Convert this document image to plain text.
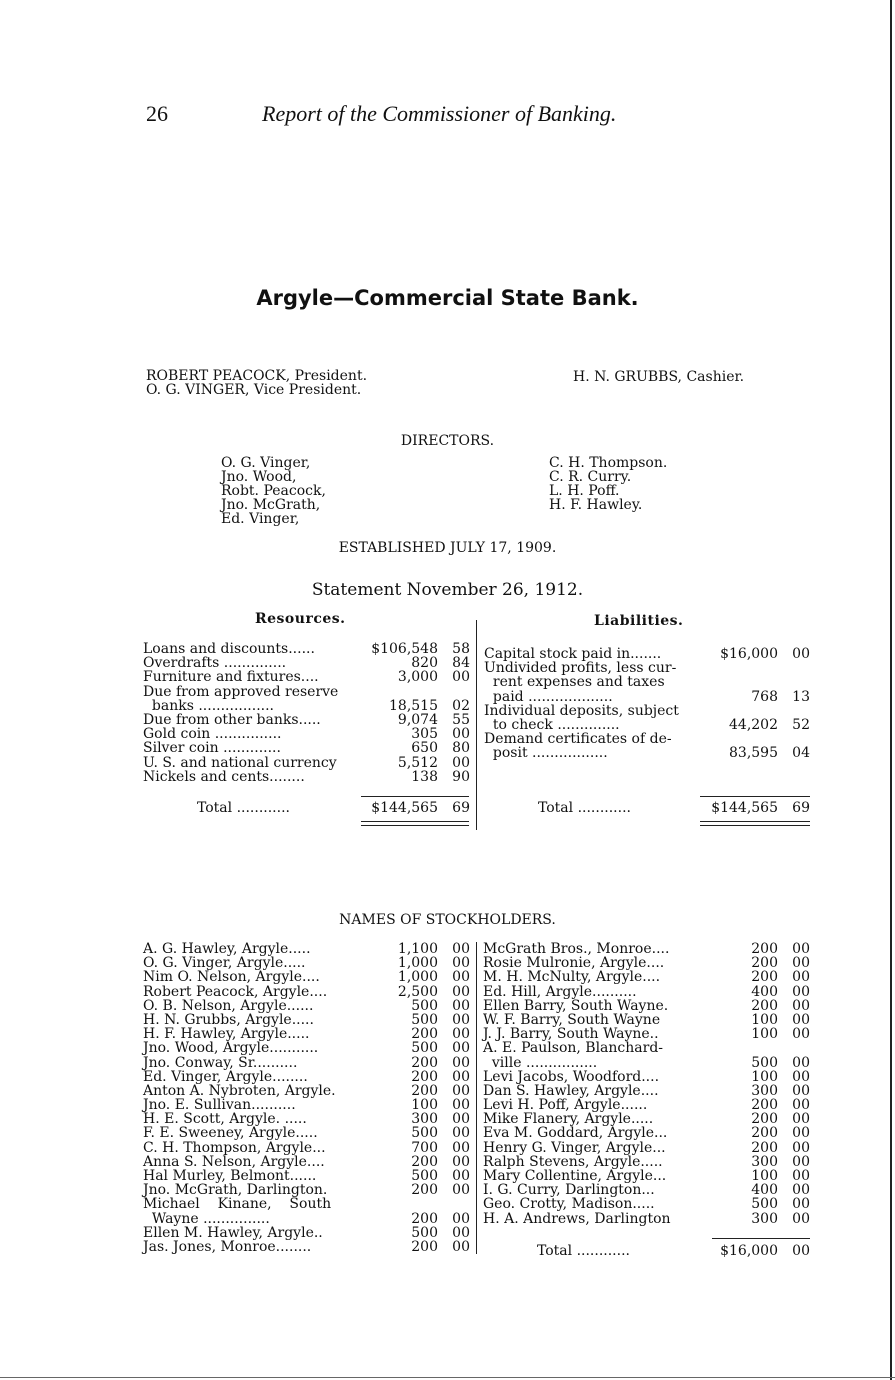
26	Report of the Commissioner of Banking.
Argyle—Commercial State Bank.
ROBERT PEACOCK, President.
O. G. VINGER, Vice President.
H. N. GRUBBS, Cashier.
DIRECTORS.
O. G. Vinger,
Jno. Wood,
Robt. Peacock,
Jno. McGrath,
Ed. Vinger,
C. H. Thompson.
C. R. Curry.
L. H. Poff.
H. F. Hawley.
ESTABLISHED JULY 17, 1909.
Statement November 26, 1912.
Resources.
Loans and discounts......	$106,548	58
Overdrafts ..............	820	84
Furniture and fixtures....	3,000	00
Due from approved reserve
banks .................	18,515	02
Due from other banks.....	9,074	55
Gold coin ...............	305	00
Silver coin .............	650	80
U. S. and national currency	5,512	00
Nickels and cents........	138	90
Total ............	$144,565	69
Liabilities.
Capital stock paid in.......	$16,000	00
Undivided profits, less cur-
rent expenses and taxes
paid ...................	768	13
Individual deposits, subject
to check ..............	44,202	52
Demand certificates of de-
posit .................	83,595	04
Total ............	$144,565	69
NAMES OF STOCKHOLDERS.
A. G. Hawley, Argyle.....	1,100	00
O. G. Vinger, Argyle.....	1,000	00
Nim O. Nelson, Argyle....	1,000	00
Robert Peacock, Argyle....	2,500	00
O. B. Nelson, Argyle......	500	00
H. N. Grubbs, Argyle.....	500	00
H. F. Hawley, Argyle.....	200	00
Jno. Wood, Argyle...........	500	00
Jno. Conway, Sr..........	200	00
Ed. Vinger, Argyle........	200	00
Anton A. Nybroten, Argyle.	200	00
Jno. E. Sullivan..........	100	00
H. E. Scott, Argyle. .....	300	00
F. E. Sweeney, Argyle.....	500	00
C. H. Thompson, Argyle...	700	00
Anna S. Nelson, Argyle....	200	00
Hal Murley, Belmont......	500	00
Jno. McGrath, Darlington.	200	00
Michael    Kinane,    South
Wayne ...............	200	00
Ellen M. Hawley, Argyle..	500	00
Jas. Jones, Monroe........	200	00
McGrath Bros., Monroe....	200	00
Rosie Mulronie, Argyle....	200	00
M. H. McNulty, Argyle....	200	00
Ed. Hill, Argyle..........	400	00
Ellen Barry, South Wayne.	200	00
W. F. Barry, South Wayne	100	00
J. J. Barry, South Wayne..	100	00
A. E. Paulson, Blanchard-
ville ................	500	00
Levi Jacobs, Woodford....	100	00
Dan S. Hawley, Argyle....	300	00
Levi H. Poff, Argyle......	200	00
Mike Flanery, Argyle.....	200	00
Eva M. Goddard, Argyle...	200	00
Henry G. Vinger, Argyle...	200	00
Ralph Stevens, Argyle.....	300	00
Mary Collentine, Argyle...	100	00
I. G. Curry, Darlington...	400	00
Geo. Crotty, Madison.....	500	00
H. A. Andrews, Darlington	300	00
Total ............	$16,000	00
